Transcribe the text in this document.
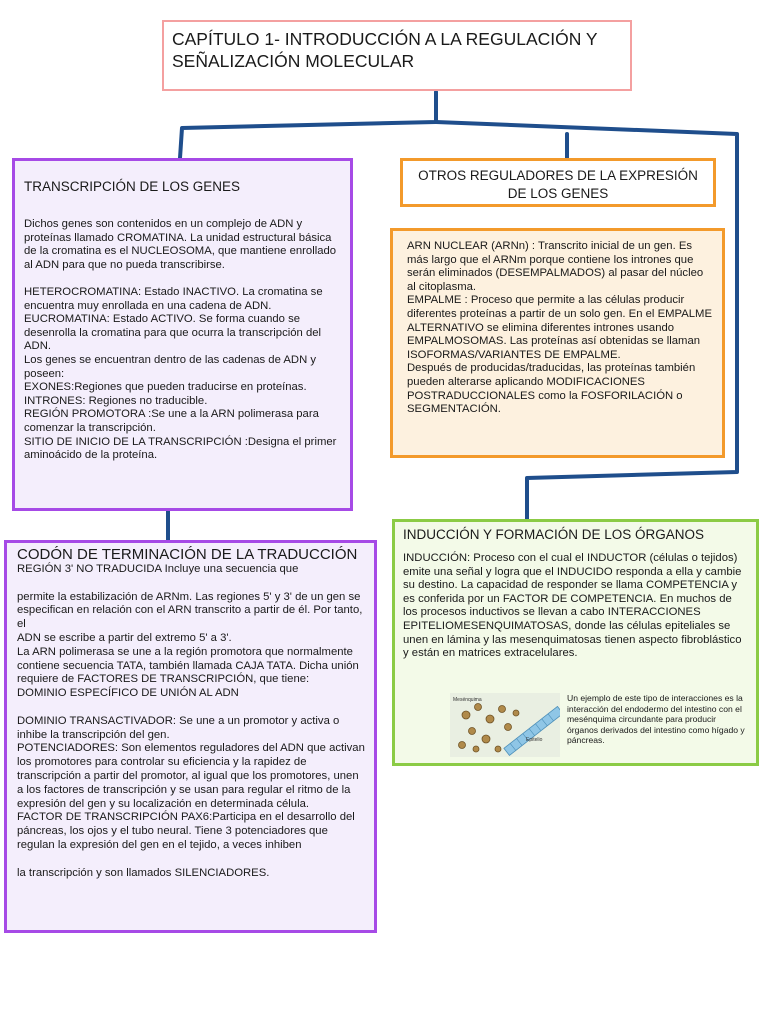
CAPÍTULO 1- INTRODUCCIÓN A LA REGULACIÓN Y SEÑALIZACIÓN MOLECULAR
TRANSCRIPCIÓN DE LOS GENES

Dichos genes son contenidos en un complejo de ADN y proteínas llamado CROMATINA. La unidad estructural básica de la cromatina es el NUCLEOSOMA, que mantiene enrollado al ADN para que no pueda transcribirse.

HETEROCROMATINA: Estado INACTIVO. La cromatina se encuentra muy enrollada en una cadena de ADN.
EUCROMATINA: Estado ACTIVO. Se forma cuando se desenrolla la cromatina para que ocurra la transcripción del ADN.
Los genes se encuentran dentro de las cadenas de ADN y poseen:
EXONES:Regiones que pueden traducirse en proteínas.
INTRONES: Regiones no traducible.
REGIÓN PROMOTORA :Se une a la ARN polimerasa para comenzar la transcripción.
SITIO DE INICIO DE LA TRANSCRIPCIÓN :Designa el primer aminoácido de la proteína.

OTROS REGULADORES DE LA EXPRESIÓN DE LOS GENES

ARN NUCLEAR (ARNn) : Transcrito inicial de un gen. Es más largo que el ARNm porque contiene los intrones que serán eliminados (DESEMPALMADOS) al pasar del núcleo al citoplasma.
EMPALME : Proceso que permite a las células producir diferentes proteínas a partir de un solo gen. En el EMPALME ALTERNATIVO se elimina diferentes intrones usando EMPALMOSOMAS. Las proteínas así obtenidas se llaman ISOFORMAS/VARIANTES DE EMPALME.
Después de producidas/traducidas, las proteínas también pueden alterarse aplicando MODIFICACIONES POSTRADUCCIONALES como la FOSFORILACIÓN o SEGMENTACIÓN.

CODÓN DE TERMINACIÓN DE LA TRADUCCIÓN

REGIÓN 3' NO TRADUCIDA Incluye una secuencia que

permite la estabilización de ARNm. Las regiones 5' y 3' de un gen se especifican en relación con el ARN transcrito a partir de él. Por tanto, el
ADN se escribe a partir del extremo 5' a 3'.
La ARN polimerasa se une a la región promotora que normalmente contiene secuencia TATA, también llamada CAJA TATA. Dicha unión requiere de FACTORES DE TRANSCRIPCIÓN, que tiene:
DOMINIO ESPECÍFICO DE UNIÓN AL ADN

DOMINIO TRANSACTIVADOR: Se une a un promotor y activa o inhibe la transcripción del gen.
POTENCIADORES: Son elementos reguladores del ADN que activan los promotores para controlar su eficiencia y la rapidez de transcripción a partir del promotor, al igual que los promotores, unen a los factores de transcripción y se usan para regular el ritmo de la expresión del gen y su localización en determinada célula.
FACTOR DE TRANSCRIPCIÓN PAX6:Participa en el desarrollo del páncreas, los ojos y el tubo neural. Tiene 3 potenciadores que regulan la expresión del gen en el tejido, a veces inhiben

la transcripción y son llamados SILENCIADORES.

INDUCCIÓN Y FORMACIÓN DE LOS ÓRGANOS

INDUCCIÓN: Proceso con el cual el INDUCTOR (células o tejidos) emite una señal y logra que el INDUCIDO responda a ella y cambie su destino. La capacidad de responder se llama COMPETENCIA y es conferida por un FACTOR DE COMPETENCIA. En muchos de los procesos inductivos se llevan a cabo INTERACCIONES EPITELIOMESENQUIMATOSAS, donde las células epiteliales se unen en lámina y las mesenquimatosas tienen aspecto fibroblástico y están en matrices extracelulares.

Mesénquima
Epitelio
Un ejemplo de este tipo de interacciones es la interacción del endodermo del intestino con el mesénquima circundante para producir órganos derivados del intestino como hígado y páncreas.
